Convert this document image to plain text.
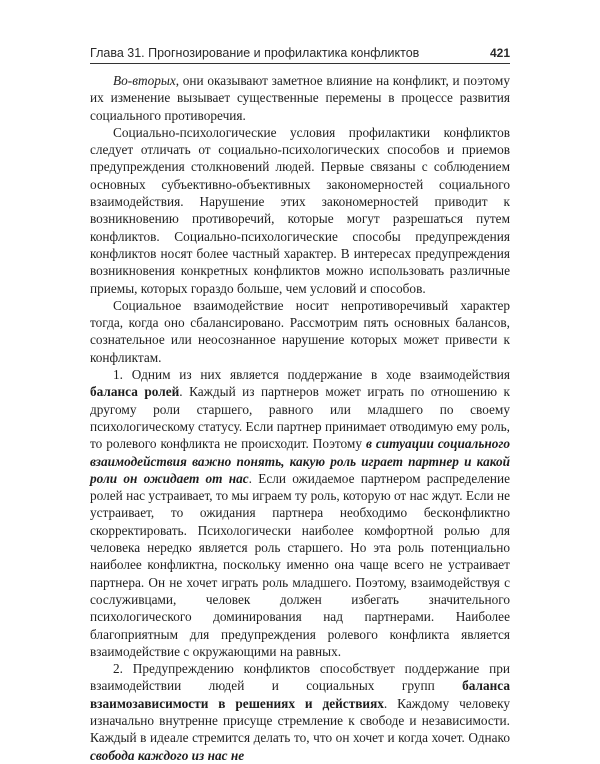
Глава 31. Прогнозирование и профилактика конфликтов	421

Во-вторых, они оказывают заметное влияние на конфликт, и поэтому их изменение вызывает существенные перемены в процессе развития социального противоречия.

Социально-психологические условия профилактики конфликтов следует отличать от социально-психологических способов и приемов предупреждения столкновений людей. Первые связаны с соблюдением основных субъективно-объективных закономерностей социального взаимодействия. Нарушение этих закономерностей приводит к возникновению противоречий, которые могут разрешаться путем конфликтов. Социально-психологические способы предупреждения конфликтов носят более частный характер. В интересах предупреждения возникновения конкретных конфликтов можно использовать различные приемы, которых гораздо больше, чем условий и способов.

Социальное взаимодействие носит непротиворечивый характер тогда, когда оно сбалансировано. Рассмотрим пять основных балансов, сознательное или неосознанное нарушение которых может привести к конфликтам.

1. Одним из них является поддержание в ходе взаимодействия баланса ролей. Каждый из партнеров может играть по отношению к другому роли старшего, равного или младшего по своему психологическому статусу. Если партнер принимает отводимую ему роль, то ролевого конфликта не происходит. Поэтому в ситуации социального взаимодействия важно понять, какую роль играет партнер и какой роли он ожидает от нас. Если ожидаемое партнером распределение ролей нас устраивает, то мы играем ту роль, которую от нас ждут. Если не устраивает, то ожидания партнера необходимо бесконфликтно скорректировать. Психологически наиболее комфортной ролью для человека нередко является роль старшего. Но эта роль потенциально наиболее конфликтна, поскольку именно она чаще всего не устраивает партнера. Он не хочет играть роль младшего. Поэтому, взаимодействуя с сослуживцами, человек должен избегать значительного психологического доминирования над партнерами. Наиболее благоприятным для предупреждения ролевого конфликта является взаимодействие с окружающими на равных.

2. Предупреждению конфликтов способствует поддержание при взаимодействии людей и социальных групп баланса взаимозависимости в решениях и действиях. Каждому человеку изначально внутренне присуще стремление к свободе и независимости. Каждый в идеале стремится делать то, что он хочет и когда хочет. Однако свобода каждого из нас не
